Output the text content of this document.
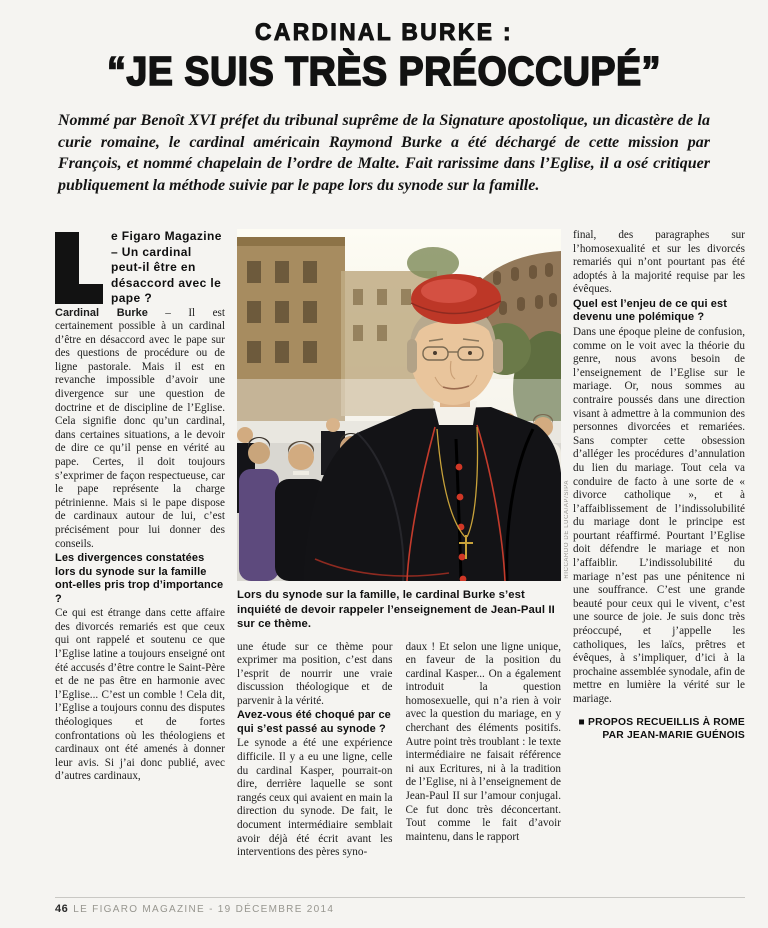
CARDINAL BURKE :
“JE SUIS TRÈS PRÉOCCUPÉ”

Nommé par Benoît XVI préfet du tribunal suprême de la Signature apostolique, un dicastère de la curie romaine, le cardinal américain Raymond Burke a été déchargé de cette mission par François, et nommé chapelain de l’ordre de Malte. Fait rarissime dans l’Eglise, il a osé critiquer publiquement la méthode suivie par le pape lors du synode sur la famille.

e Figaro Magazine – Un cardinal peut-il être en désaccord avec le pape ?

Cardinal Burke – Il est certainement possible à un cardinal d’être en désaccord avec le pape sur des questions de procédure ou de ligne pastorale. Mais il est en revanche impossible d’avoir une divergence sur une question de doctrine et de discipline de l’Eglise. Cela signifie donc qu’un cardinal, dans certaines situations, a le devoir de dire ce qu’il pense en vérité au pape. Certes, il doit toujours s’exprimer de façon respectueuse, car le pape représente la charge pétrinienne. Mais si le pape dispose de cardinaux autour de lui, c’est précisément pour lui donner des conseils.

Les divergences constatées lors du synode sur la famille ont-elles pris trop d’importance ?

Ce qui est étrange dans cette affaire des divorcés remariés est que ceux qui ont rappelé et soutenu ce que l’Eglise latine a toujours enseigné ont été accusés d’être contre le Saint-Père et de ne pas être en harmonie avec l’Eglise... C’est un comble ! Cela dit, l’Eglise a toujours connu des disputes théologiques et de fortes confrontations où les théologiens et cardinaux ont été amenés à donner leur avis. Si j’ai donc publié, avec d’autres cardinaux,

RICCARDO DE LUCA/AP/SIPA
Lors du synode sur la famille, le cardinal Burke s’est inquiété de devoir rappeler l’enseignement de Jean-Paul II sur ce thème.

une étude sur ce thème pour exprimer ma position, c’est dans l’esprit de nourrir une vraie discussion théologique et de parvenir à la vérité.

Avez-vous été choqué par ce qui s’est passé au synode ?

Le synode a été une expérience difficile. Il y a eu une ligne, celle du cardinal Kasper, pourrait-on dire, derrière laquelle se sont rangés ceux qui avaient en main la direction du synode. De fait, le document intermédiaire semblait avoir déjà été écrit avant les interventions des pères syno-

daux ! Et selon une ligne unique, en faveur de la position du cardinal Kasper... On a également introduit la question homosexuelle, qui n’a rien à voir avec la question du mariage, en y cherchant des éléments positifs. Autre point très troublant : le texte intermédiaire ne faisait référence ni aux Ecritures, ni à la tradition de l’Eglise, ni à l’enseignement de Jean-Paul II sur l’amour conjugal. Ce fut donc très déconcertant. Tout comme le fait d’avoir maintenu, dans le rapport

final, des paragraphes sur l’homosexualité et sur les divorcés remariés qui n’ont pourtant pas été adoptés à la majorité requise par les évêques.

Quel est l’enjeu de ce qui est devenu une polémique ?

Dans une époque pleine de confusion, comme on le voit avec la théorie du genre, nous avons besoin de l’enseignement de l’Eglise sur le mariage. Or, nous sommes au contraire poussés dans une direction visant à admettre à la communion des personnes divorcées et remariées. Sans compter cette obsession d’alléger les procédures d’annulation du lien du mariage. Tout cela va conduire de facto à une sorte de « divorce catholique », et à l’affaiblissement de l’indissolubilité du mariage dont le principe est pourtant réaffirmé. Pourtant l’Eglise doit défendre le mariage et non l’affaiblir. L’indissolubilité du mariage n’est pas une pénitence ni une souffrance. C’est une grande beauté pour ceux qui le vivent, c’est une source de joie. Je suis donc très préoccupé, et j’appelle les catholiques, les laïcs, prêtres et évêques, à s’impliquer, d’ici à la prochaine assemblée synodale, afin de mettre en lumière la vérité sur le mariage.

■ PROPOS RECUEILLIS À ROME
PAR JEAN-MARIE GUÉNOIS
46 LE FIGARO MAGAZINE - 19 DÉCEMBRE 2014
